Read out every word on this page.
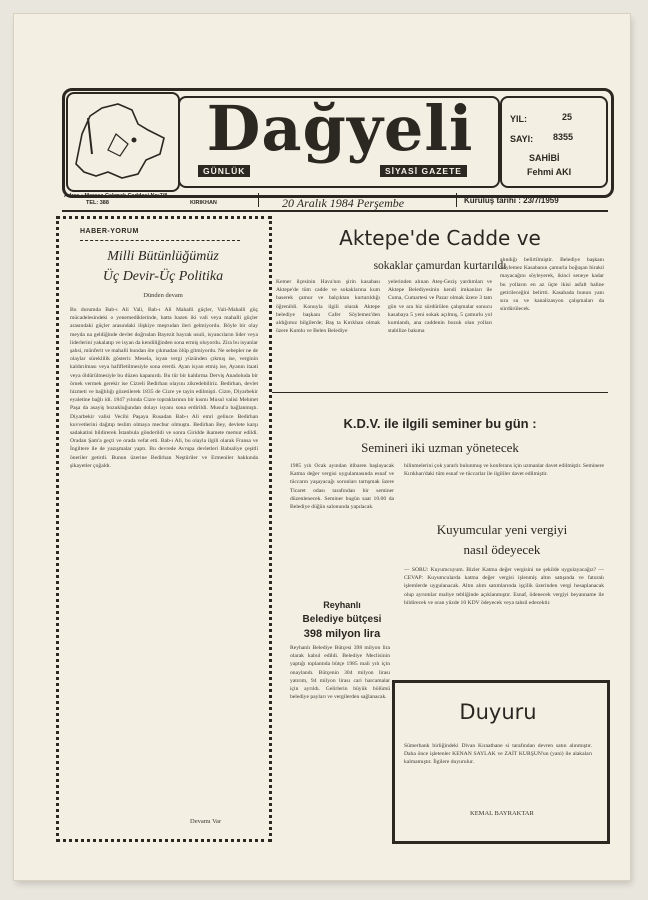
Dağyeli
GÜNLÜK	SİYASİ GAZETE
YIL:	25
SAYI: 8355
SAHİBİ
Fehmi AKI
Adres : Maraşa Çakmak Caddesi No:7/8
TEL: 388	KIRIKHAN	20 Aralık 1984 Perşembe	Kuruluş tarihi : 23/7/1959
HABER-YORUM
Milli Bütünlüğümüz
Üç Devir-Üç Politika
Dünden devam
Bu durumda Bab-ı Ali Vali, Bab-ı Ali Mahalli güçler, Vali-Mahalli güç mücadelesindeki o yenemediklerinde, hatta bazen iki vali veya mahalli güçler arasındaki güçler arasındaki ilişkiye meşrudan ileri gelmiyordu. Böyle bir olay meyda na geldiğinde devlet doğrudan Bayezit bayrak usuli, isyancıların lider veya liderlerini yakalatıp ve isyan da kendiliğinden sona ermiş oluyordu. Zira bu isyanlar şahsi, münferit ve mahalli bundan öte çıkmadan ölüp gitmiyordu. Ne sebepler ne de olaylar süreklilik gösterir. Mesela, isyan vergi yüzünden çıkmış ise, verginin kaldırılması veya hafifletilmesiyle sona ererdi. Ayan isyan etmiş ise, Ayanın itaati veya öldürülmesiyle bu düzen kapanırdı. Bu tür bir kaldırma Derviş Anadoluda bir örnek vermek gerekir ise Cizreli Bedirhan olayını zikredebiliriz. Bedirhan, devlet hizmeti ve bağlılığı gözetilerek 1835 de Cizre ye tayin edilmişti. Cizre, Diyarbekir eyaletine bağlı idi. 1847 yılında Cizre topraklarının bir kısmı Musul valisi Mehmet Paşa da asayiş bozukluğundan dolayı isyanı sona erdirildi. Musul'a bağlanmıştı. Diyarbekir valisi Vecihi Paşaya Rusadan Bab-ı Ali emri gelince Bedirhan kuvvetlerini dağıtıp teslim olmaya mecbur olmuştu. Bedirhan Bey, devlete karşı sadakatini bildirerek İstanbula gönderildi ve sonra Giridde ikamete memur edildi. Oradan Şam'a geçti ve orada vefat etti. Bab-ı Ali, bu olayla ilgili olarak Fransa ve İngiltere ile de yazışmalar yaptı. Bu devrede Avrupa devletleri Babıaliye çeşitli öneriler getirdi. Bunun üzerine Bedirhan Neştüriler ve Ermeniler hakkında şikayetler çoğaldı.
Devamı Var
Aktepe'de Cadde ve
sokaklar çamurdan kurtarıldı
Kemer ilçesinin Hava'nın şirin kasabası Aktepe'de tüm cadde ve sokaklarına kum baserek çamur ve balçıktan kurtarıldığı öğrenildi. Konuyla ilgili olarak Aktepe belediye başkanı Cafer Söylemez'den aldığımız bilgilerde; Baş ta Kırıkhan olmak üzere Kumlu ve Belen Belediye
yelerinden alınan Ateş-Geziş yardımları ve Aktepe Belediyesinin kendi imkanları ile Cuma, Cumartesi ve Pazar olmak üzere 3 tam gün ve ara hiz sürdürülen çalışmalar sonucu kasabaya 5 yeni sokak açılmış, 5 çamurlu yol kumlandı, ana caddenin bozuk olan yolları stabilize bakıma
alındığı belirtilmiştir. Belediye başkanı Söylemez Kasabanın çamurla boğuşan birakıl mayacağını söyleyerek, ikinci seneye kadar bu yolların en az üçte ikisi asfalt haline getirileceğini belirtti. Kasabada bunun yanı sıra su ve kanalizasyon çalışmaları da sürdürülecek.
K.D.V. ile ilgili seminer bu gün :
Semineri iki uzman yönetecek
1985 yılı Ocak ayından itibaren başlayacak Katma değer vergisi uygulamasında esnaf ve tüccarın yaşayacağı sorunları tartışmak üzere Ticaret odası tarafından bir seminer düzenlenecek. Seminer bugün saat 10.00 da Belediye düğün salonunda yapılacak.
bilinmelerini çok yararlı bulunmuş ve konferans için uzmanlar davet edilmiştir. Seminere Kırıkhan'daki tüm esnaf ve tüccarlar ile ilgililer davet edilmiştir.
Reyhanlı
Belediye bütçesi
398 milyon lira
Reyhanlı Belediye Bütçesi 398 milyon lira olarak kabul edildi. Belediye Meclisinin yaptığı toplantıda bütçe 1985 mali yılı için onaylandı. Bütçenin 304 milyon lirası yatırım, 94 milyon lirası cari harcamalar için ayrıldı. Gelirlerin büyük bölümü belediye payları ve vergilerden sağlanacak.
Kuyumcular yeni vergiyi
nasıl ödeyecek
— SORU: Kuyumcuyum. Bizler Katma değer vergisini ne şekilde uygulayacağız? — CEVAP: Kuyumcularda katma değer vergisi işlenmiş altın satışında ve faturalı işlemlerde uygulanacak. Altın alım satımlarında işçilik üzerinden vergi hesaplanacak olup ayrıntılar maliye tebliğinde açıklanmıştır. Esnaf, ödenecek vergiyi beyanname ile bildirecek ve oran yüzde 10 KDV ödeyecek veya tahsil edecektir.
Duyuru
Sümerbank birliğindeki Divan Kıraathane si tarafından devren satın alınmıştır. Daha önce işletenler KENAN SAYLAK ve ZAİT KURŞUN'un (yani) ile alakaları kalmamıştır. İlgilere duyurulur.
KEMAL BAYRAKTAR
